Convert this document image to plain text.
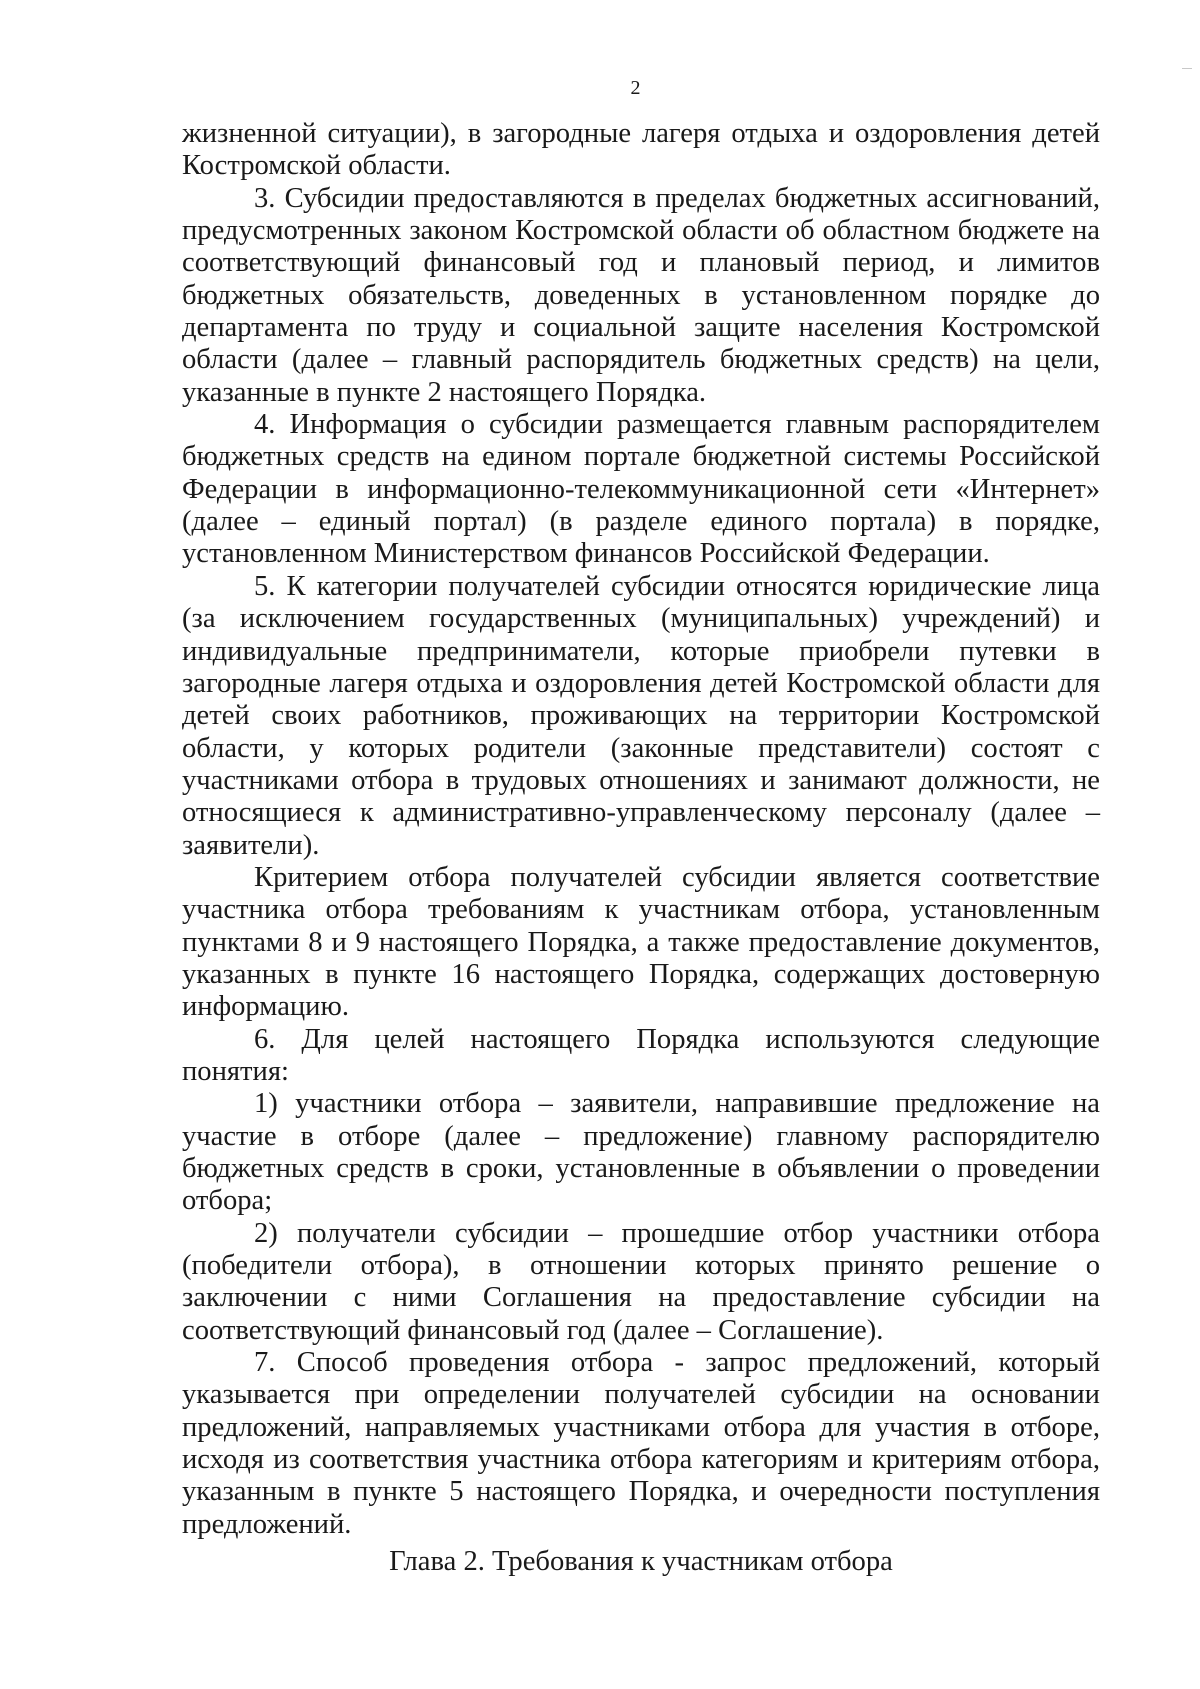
2

жизненной ситуации), в загородные лагеря отдыха и оздоровления детей Костромской области.

3. Субсидии предоставляются в пределах бюджетных ассигнований, предусмотренных законом Костромской области об областном бюджете на соответствующий финансовый год и плановый период, и лимитов бюджетных обязательств, доведенных в установленном порядке до департамента по труду и социальной защите населения Костромской области (далее – главный распорядитель бюджетных средств) на цели, указанные в пункте 2 настоящего Порядка.

4. Информация о субсидии размещается главным распорядителем бюджетных средств на едином портале бюджетной системы Российской Федерации в информационно-телекоммуникационной сети «Интернет» (далее – единый портал) (в разделе единого портала) в порядке, установленном Министерством финансов Российской Федерации.

5. К категории получателей субсидии относятся юридические лица (за исключением государственных (муниципальных) учреждений) и индивидуальные предприниматели, которые приобрели путевки в загородные лагеря отдыха и оздоровления детей Костромской области для детей своих работников, проживающих на территории Костромской области, у которых родители (законные представители) состоят с участниками отбора в трудовых отношениях и занимают должности, не относящиеся к административно-управленческому персоналу (далее – заявители).

Критерием отбора получателей субсидии является соответствие участника отбора требованиям к участникам отбора, установленным пунктами 8 и 9 настоящего Порядка, а также предоставление документов, указанных в пункте 16 настоящего Порядка, содержащих достоверную информацию.

6. Для целей настоящего Порядка используются следующие понятия:

1) участники отбора – заявители, направившие предложение на участие в отборе (далее – предложение) главному распорядителю бюджетных средств в сроки, установленные в объявлении о проведении отбора;

2) получатели субсидии – прошедшие отбор участники отбора (победители отбора), в отношении которых принято решение о заключении с ними Соглашения на предоставление субсидии на соответствующий финансовый год (далее – Соглашение).

7. Способ проведения отбора - запрос предложений, который указывается при определении получателей субсидии на основании предложений, направляемых участниками отбора для участия в отборе, исходя из соответствия участника отбора категориям и критериям отбора, указанным в пункте 5 настоящего Порядка, и очередности поступления предложений.

Глава 2. Требования к участникам отбора
